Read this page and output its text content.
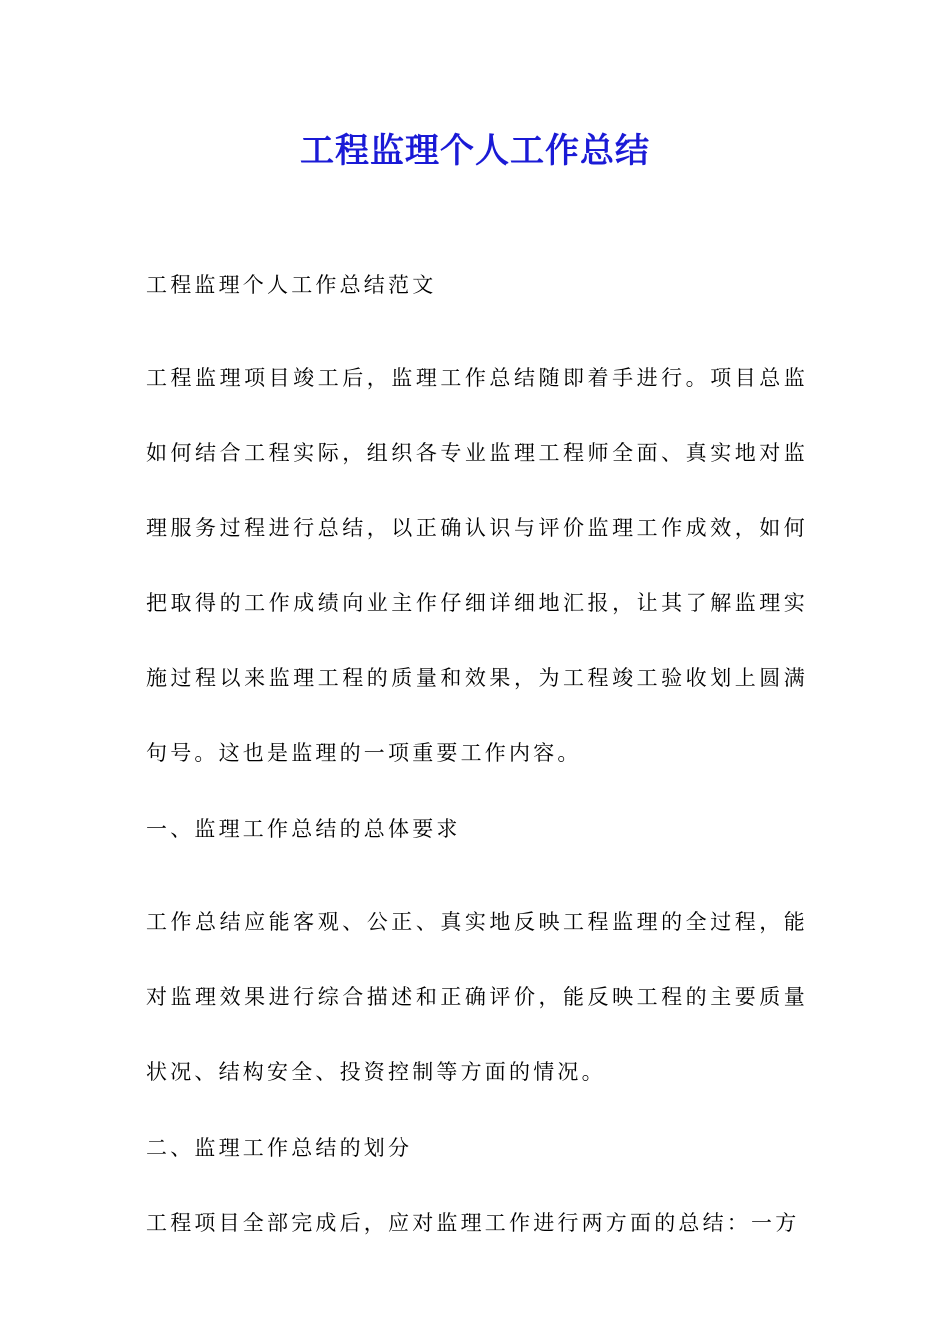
工程监理个人工作总结

工程监理个人工作总结范文

工程监理项目竣工后，监理工作总结随即着手进行。项目总监如何结合工程实际，组织各专业监理工程师全面、真实地对监理服务过程进行总结，以正确认识与评价监理工作成效，如何把取得的工作成绩向业主作仔细详细地汇报，让其了解监理实施过程以来监理工程的质量和效果，为工程竣工验收划上圆满句号。这也是监理的一项重要工作内容。

一、监理工作总结的总体要求

工作总结应能客观、公正、真实地反映工程监理的全过程，能对监理效果进行综合描述和正确评价，能反映工程的主要质量状况、结构安全、投资控制等方面的情况。

二、监理工作总结的划分

工程项目全部完成后，应对监理工作进行两方面的总结：一方
